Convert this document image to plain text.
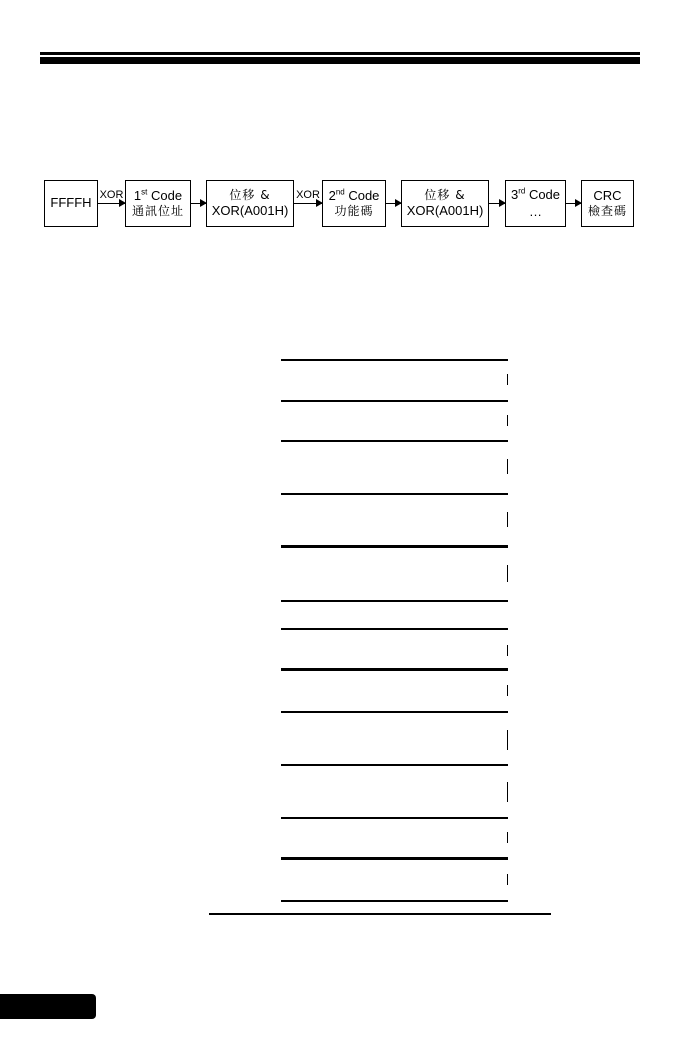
FFFFH
XOR 1st Code
通訊位址
位移 &
XOR(A001H)
XOR 2nd Code
功能碼
位移 &
XOR(A001H)
3rd Code
…
CRC
檢查碼
